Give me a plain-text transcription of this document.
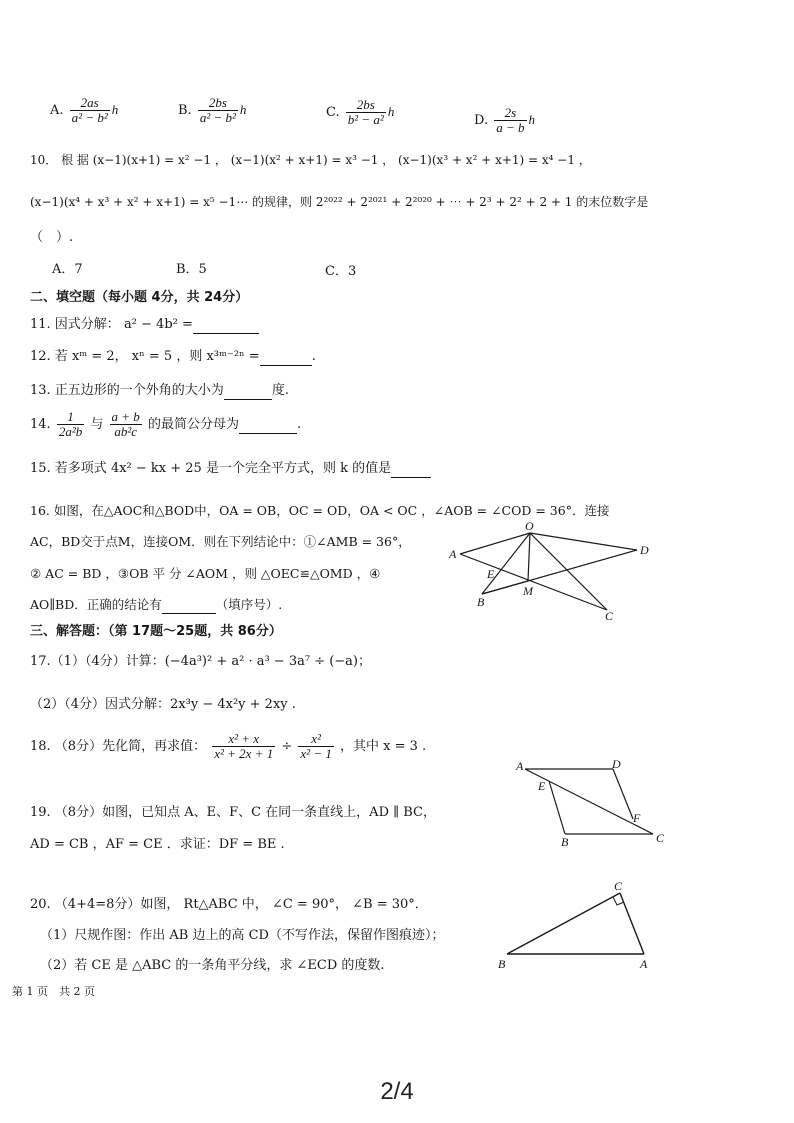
A. $\frac{2as}{\text{a² − b²}}$ h	B. $\frac{2bs}{\text{a² − b²}}$ h	C. $\frac{2bs}{\text{b² − a²}}$ h
D. $\frac{2s}{a - b}$ h
10． 根 据 (x−1)(x+1) = x² −1 ， (x−1)(x² + x+1) = x³ −1 ， (x−1)(x³ + x² + x+1) = x⁴ −1 ，
(x−1)(x⁴ + x³ + x² + x+1) = x⁵ −1⋯ 的规律，则 2²⁰²² + 2²⁰²¹ + 2²⁰²⁰ + ⋯ + 2³ + 2² + 2 + 1 的末位数字是
（　）.
A．7	B．5	C．3
二、填空题（每小题 4分，共 24分）
11. 因式分解： a² − 4b² =
12. 若 xᵐ = 2， xⁿ = 5 ，则 x³ᵐ⁻²ⁿ =	.
13. 正五边形的一个外角的大小为	度.
14. $\frac{1}{\text{2a²b}}$ 与 $\frac{a + b}{\text{ab²c}}$ 的最简公分母为	.
15. 若多项式 4x² − kx + 25 是一个完全平方式，则 k 的值是
16. 如图，在△AOC和△BOD中，OA = OB，OC = OD，OA < OC ，∠AOB = ∠COD = 36°．连接
AC，BD交于点M，连接OM．则在下列结论中：①∠AMB = 36°，
② AC = BD ，③OB 平 分 ∠AOM ，则 △OEC≌△OMD ，④
AO∥BD．正确的结论有	（填序号）.
O
A	D
E
B
M
C
三、解答题：（第 17题～25题，共 86分）
17.（1）（4分）计算：(−4a³)² + a² · a³ − 3a⁷ ÷ (−a)；
（2）（4分）因式分解：2x³y − 4x²y + 2xy .
18. （8分）先化简，再求值： $\frac{\text{x² + x}}{\text{x² + 2x + 1}} \div \frac{\text{x²}}{\text{x² − 1}}$ ，其中 x = 3 .
19. （8分）如图，已知点 A、E、F、C 在同一条直线上，AD ∥ BC，
AD = CB ，AF = CE ．求证：DF = BE .
A	D
E
F
B	C
20. （4+4=8分）如图， Rt△ABC 中， ∠C = 90°， ∠B = 30°．
（1）尺规作图：作出 AB 边上的高 CD（不写作法，保留作图痕迹）；
（2）若 CE 是 △ABC 的一条角平分线，求 ∠ECD 的度数.
C
B	A
第 1 页　共 2 页
2/4
